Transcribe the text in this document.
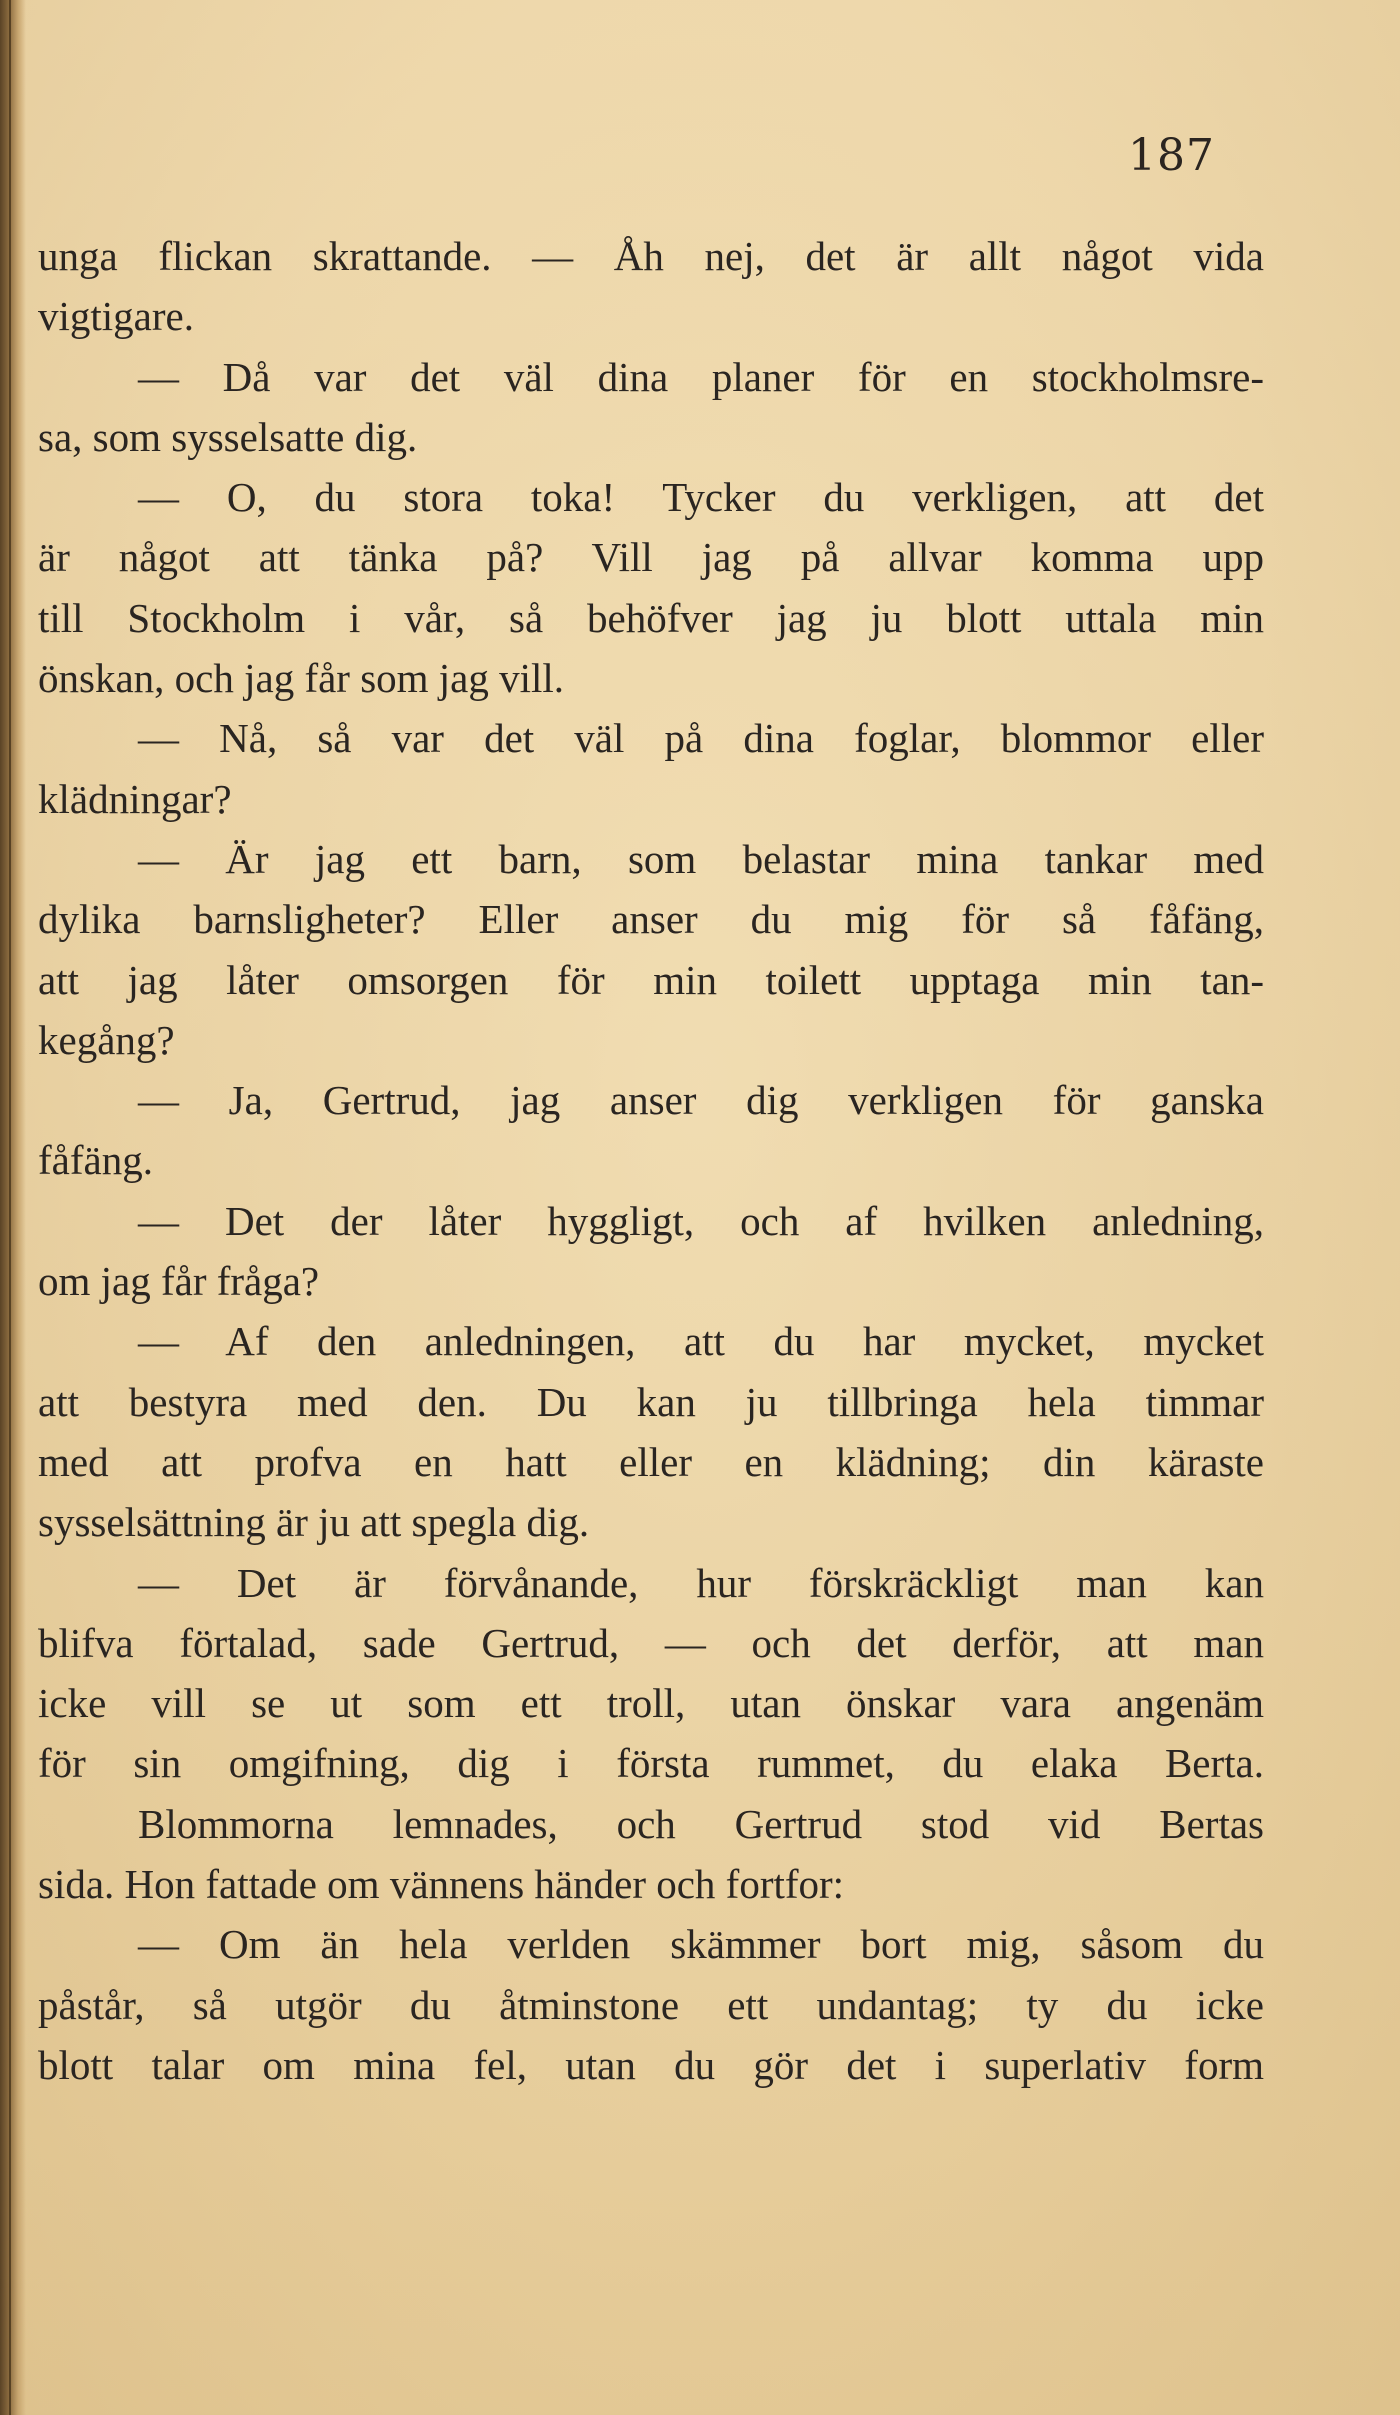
187
unga flickan skrattande. — Åh nej, det är allt något vida
vigtigare.
— Då var det väl dina planer för en stockholmsre-
sa, som sysselsatte dig.
— O, du stora toka! Tycker du verkligen, att det
är något att tänka på? Vill jag på allvar komma upp
till Stockholm i vår, så behöfver jag ju blott uttala min
önskan, och jag får som jag vill.
— Nå, så var det väl på dina foglar, blommor eller
klädningar?
— Är jag ett barn, som belastar mina tankar med
dylika barnsligheter? Eller anser du mig för så fåfäng,
att jag låter omsorgen för min toilett upptaga min tan-
kegång?
— Ja, Gertrud, jag anser dig verkligen för ganska
fåfäng.
— Det der låter hyggligt, och af hvilken anledning,
om jag får fråga?
— Af den anledningen, att du har mycket, mycket
att bestyra med den. Du kan ju tillbringa hela timmar
med att profva en hatt eller en klädning; din käraste
sysselsättning är ju att spegla dig.
— Det är förvånande, hur förskräckligt man kan
blifva förtalad, sade Gertrud, — och det derför, att man
icke vill se ut som ett troll, utan önskar vara angenäm
för sin omgifning, dig i första rummet, du elaka Berta.
Blommorna lemnades, och Gertrud stod vid Bertas
sida. Hon fattade om vännens händer och fortfor:
— Om än hela verlden skämmer bort mig, såsom du
påstår, så utgör du åtminstone ett undantag; ty du icke
blott talar om mina fel, utan du gör det i superlativ form
